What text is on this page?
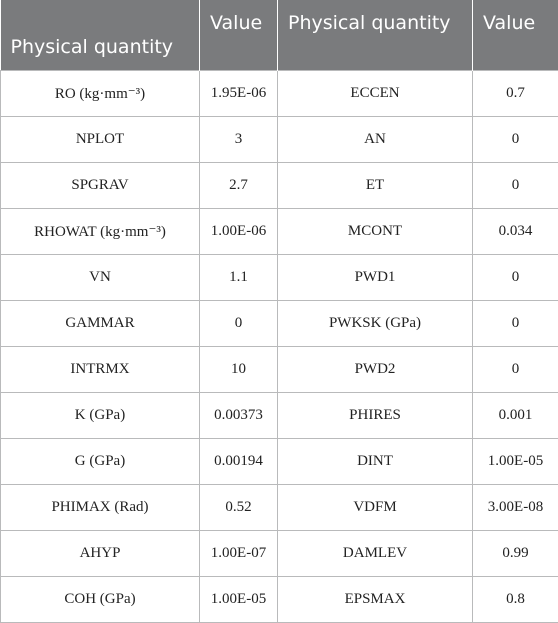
Physical quantity	Value	Physical quantity	Value
RO (kg·mm⁻³)	1.95E-06	ECCEN	0.7
NPLOT	3	AN	0
SPGRAV	2.7	ET	0
RHOWAT (kg·mm⁻³)	1.00E-06	MCONT	0.034
VN	1.1	PWD1	0
GAMMAR	0	PWKSK (GPa)	0
INTRMX	10	PWD2	0
K (GPa)	0.00373	PHIRES	0.001
G (GPa)	0.00194	DINT	1.00E-05
PHIMAX (Rad)	0.52	VDFM	3.00E-08
AHYP	1.00E-07	DAMLEV	0.99
COH (GPa)	1.00E-05	EPSMAX	0.8
